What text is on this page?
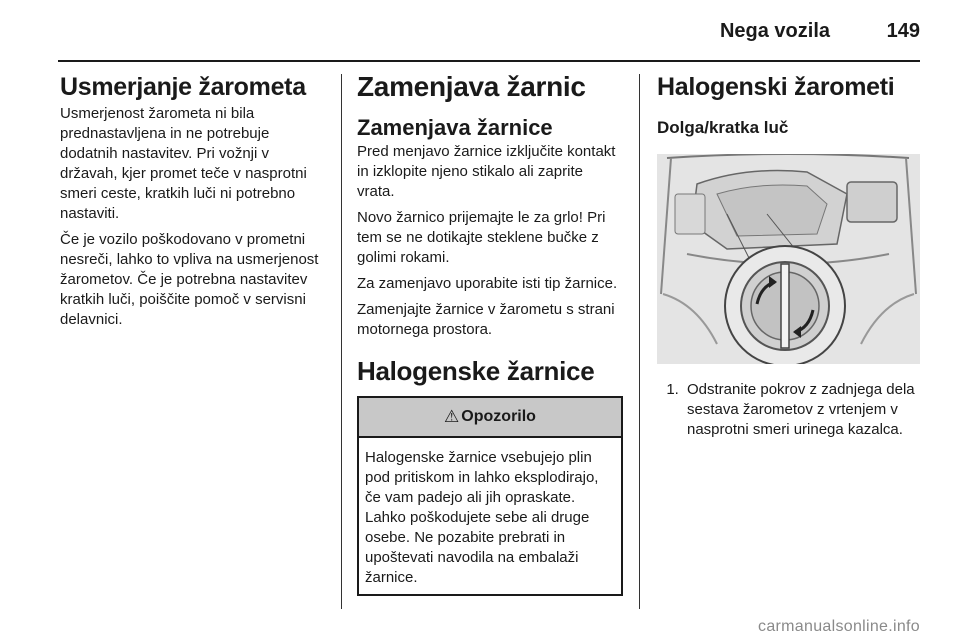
Nega vozila	149
Usmerjanje žarometa

Usmerjenost žarometa ni bila prednastavljena in ne potrebuje dodatnih nastavitev. Pri vožnji v državah, kjer promet teče v nasprotni smeri ceste, kratkih luči ni potrebno nastaviti.

Če je vozilo poškodovano v prometni nesreči, lahko to vpliva na usmerjenost žarometov. Če je potrebna nastavitev kratkih luči, poiščite pomoč v servisni delavnici.

Zamenjava žarnic
Zamenjava žarnice

Pred menjavo žarnice izključite kontakt in izklopite njeno stikalo ali zaprite vrata.

Novo žarnico prijemajte le za grlo! Pri tem se ne dotikajte steklene bučke z golimi rokami.

Za zamenjavo uporabite isti tip žarnice.

Zamenjajte žarnice v žarometu s strani motornega prostora.

Halogenske žarnice
⚠ Opozorilo
Halogenske žarnice vsebujejo plin pod pritiskom in lahko eksplodirajo, če vam padejo ali jih opraskate. Lahko poškodujete sebe ali druge osebe. Ne pozabite prebrati in upoštevati navodila na embalaži žarnice.
Halogenski žarometi
Dolga/kratka luč
1. Odstranite pokrov z zadnjega dela sestava žarometov z vrtenjem v nasprotni smeri urinega kazalca.
carmanualsonline.info
